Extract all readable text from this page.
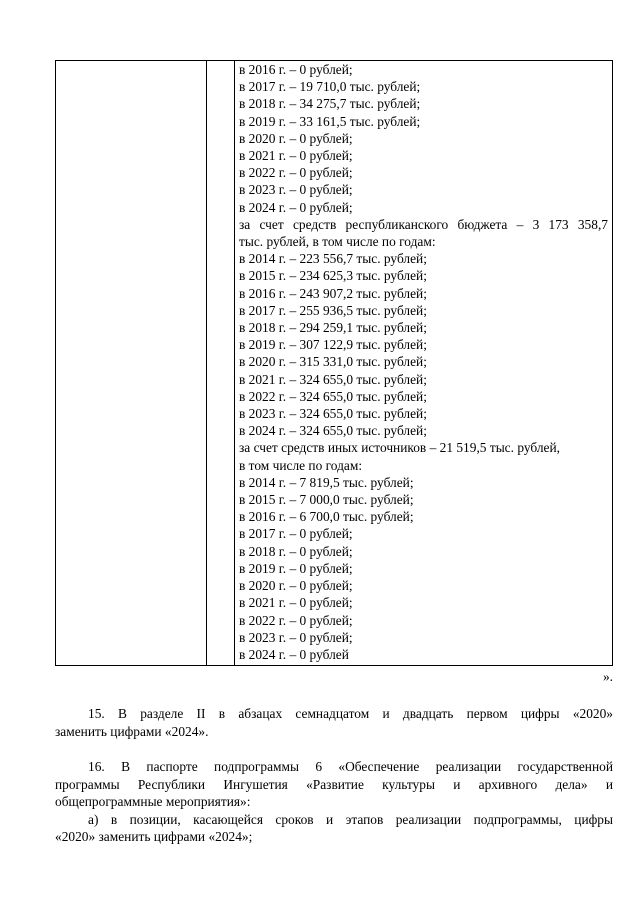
в 2016 г. – 0 рублей;
в 2017 г. – 19 710,0 тыс. рублей;
в 2018 г. – 34 275,7 тыс. рублей;
в 2019 г. – 33 161,5 тыс. рублей;
в 2020 г. – 0 рублей;
в 2021 г. – 0 рублей;
в 2022 г. – 0 рублей;
в 2023 г. – 0 рублей;
в 2024 г. – 0 рублей;
за счет средств республиканского бюджета – 3 173 358,7
тыс. рублей, в том числе по годам:
в 2014 г. – 223 556,7 тыс. рублей;
в 2015 г. – 234 625,3 тыс. рублей;
в 2016 г. – 243 907,2 тыс. рублей;
в 2017 г. – 255 936,5 тыс. рублей;
в 2018 г. – 294 259,1 тыс. рублей;
в 2019 г. – 307 122,9 тыс. рублей;
в 2020 г. – 315 331,0 тыс. рублей;
в 2021 г. – 324 655,0 тыс. рублей;
в 2022 г. – 324 655,0 тыс. рублей;
в 2023 г. – 324 655,0 тыс. рублей;
в 2024 г. – 324 655,0 тыс. рублей;
за счет средств иных источников – 21 519,5 тыс. рублей,
в том числе по годам:
в 2014 г. – 7 819,5 тыс. рублей;
в 2015 г. – 7 000,0 тыс. рублей;
в 2016 г. – 6 700,0 тыс. рублей;
в 2017 г. – 0 рублей;
в 2018 г. – 0 рублей;
в 2019 г. – 0 рублей;
в 2020 г. – 0 рублей;
в 2021 г. – 0 рублей;
в 2022 г. – 0 рублей;
в 2023 г. – 0 рублей;
в 2024 г. – 0 рублей
».
15. В разделе II в абзацах семнадцатом и двадцать первом цифры «2020»
заменить цифрами «2024».
16. В паспорте подпрограммы 6 «Обеспечение реализации государственной
программы Республики Ингушетия «Развитие культуры и архивного дела» и
общепрограммные мероприятия»:
а) в позиции, касающейся сроков и этапов реализации подпрограммы, цифры
«2020» заменить цифрами «2024»;
